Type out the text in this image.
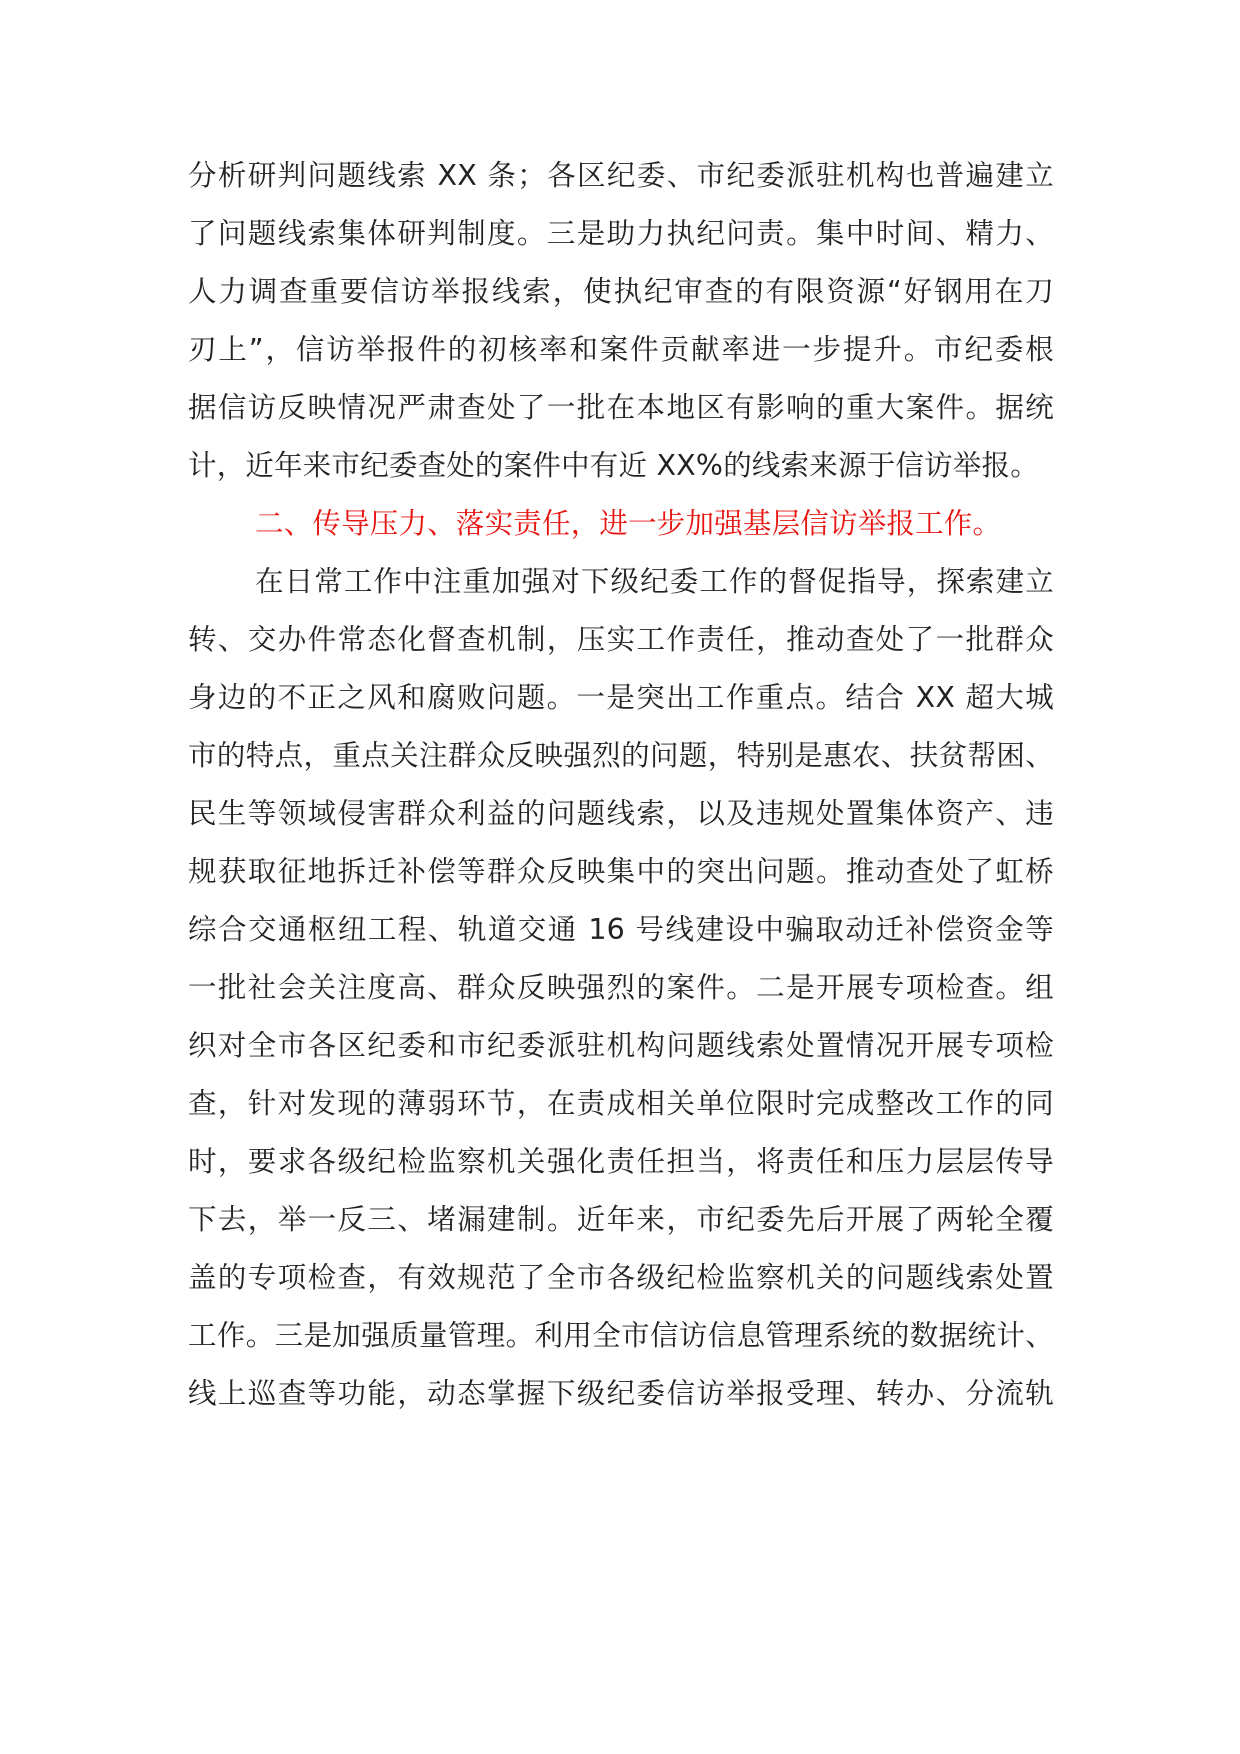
分析研判问题线索 XX 条；各区纪委、市纪委派驻机构也普遍建立
了问题线索集体研判制度。三是助力执纪问责。集中时间、精力、
人力调查重要信访举报线索，使执纪审查的有限资源“好钢用在刀
刃上”，信访举报件的初核率和案件贡献率进一步提升。市纪委根
据信访反映情况严肃查处了一批在本地区有影响的重大案件。据统
计，近年来市纪委查处的案件中有近 XX%的线索来源于信访举报。
二、传导压力、落实责任，进一步加强基层信访举报工作。
在日常工作中注重加强对下级纪委工作的督促指导，探索建立
转、交办件常态化督查机制，压实工作责任，推动查处了一批群众
身边的不正之风和腐败问题。一是突出工作重点。结合 XX 超大城
市的特点，重点关注群众反映强烈的问题，特别是惠农、扶贫帮困、
民生等领域侵害群众利益的问题线索，以及违规处置集体资产、违
规获取征地拆迁补偿等群众反映集中的突出问题。推动查处了虹桥
综合交通枢纽工程、轨道交通 16 号线建设中骗取动迁补偿资金等
一批社会关注度高、群众反映强烈的案件。二是开展专项检查。组
织对全市各区纪委和市纪委派驻机构问题线索处置情况开展专项检
查，针对发现的薄弱环节，在责成相关单位限时完成整改工作的同
时，要求各级纪检监察机关强化责任担当，将责任和压力层层传导
下去，举一反三、堵漏建制。近年来，市纪委先后开展了两轮全覆
盖的专项检查，有效规范了全市各级纪检监察机关的问题线索处置
工作。三是加强质量管理。利用全市信访信息管理系统的数据统计、
线上巡查等功能，动态掌握下级纪委信访举报受理、转办、分流轨
